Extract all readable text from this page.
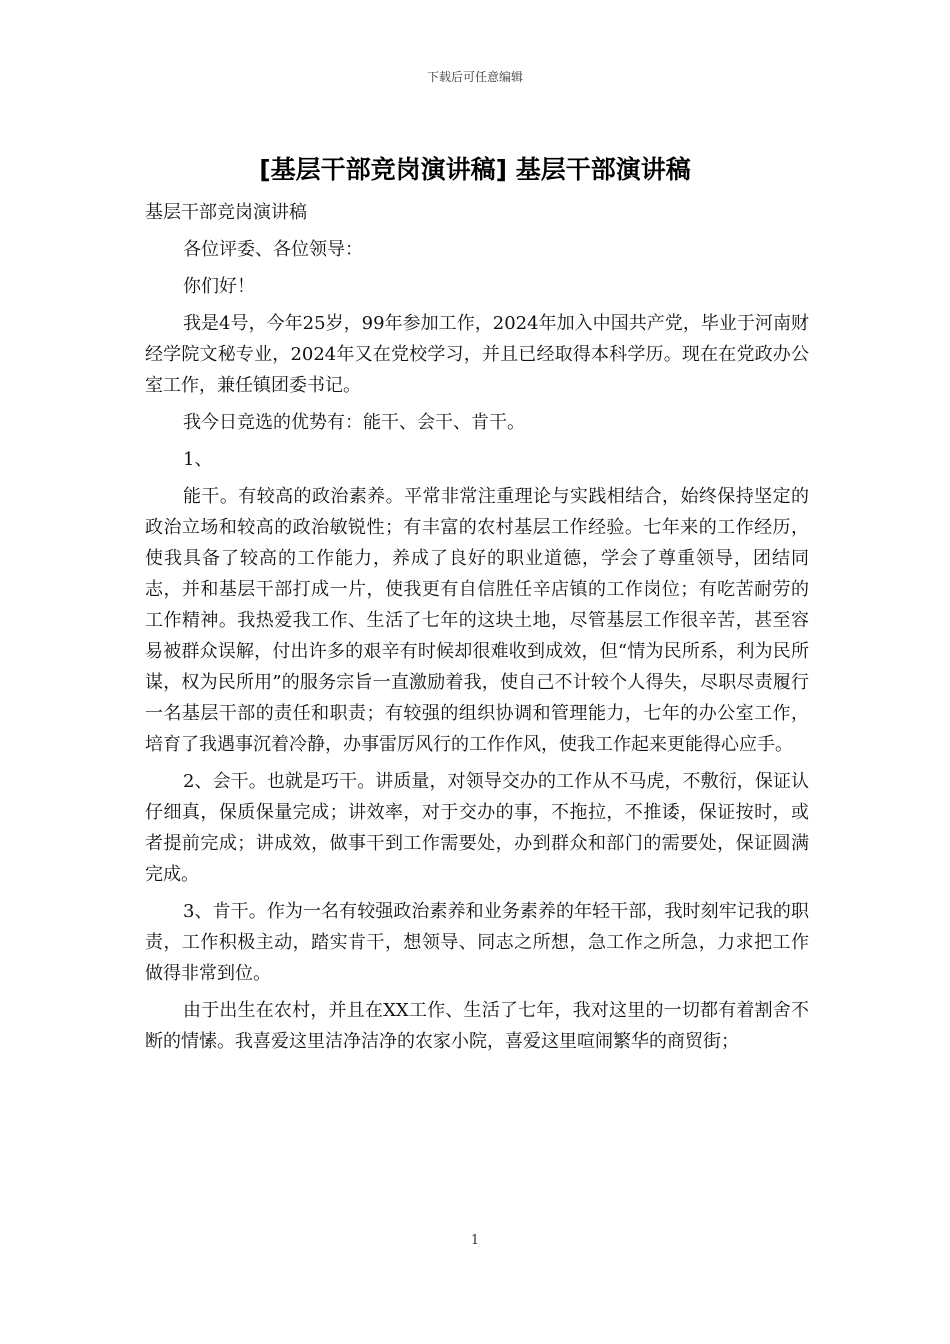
下载后可任意编辑
[基层干部竞岗演讲稿] 基层干部演讲稿

基层干部竞岗演讲稿

各位评委、各位领导：

你们好！

我是4号，今年25岁，99年参加工作，2024年加入中国共产党，毕业于河南财经学院文秘专业，2024年又在党校学习，并且已经取得本科学历。现在在党政办公室工作，兼任镇团委书记。

我今日竞选的优势有：能干、会干、肯干。

1、

能干。有较高的政治素养。平常非常注重理论与实践相结合，始终保持坚定的政治立场和较高的政治敏锐性；有丰富的农村基层工作经验。七年来的工作经历，使我具备了较高的工作能力，养成了良好的职业道德，学会了尊重领导，团结同志，并和基层干部打成一片，使我更有自信胜任辛店镇的工作岗位；有吃苦耐劳的工作精神。我热爱我工作、生活了七年的这块土地，尽管基层工作很辛苦，甚至容易被群众误解，付出许多的艰辛有时候却很难收到成效，但“情为民所系，利为民所谋，权为民所用”的服务宗旨一直激励着我，使自己不计较个人得失，尽职尽责履行一名基层干部的责任和职责；有较强的组织协调和管理能力，七年的办公室工作，培育了我遇事沉着冷静，办事雷厉风行的工作作风，使我工作起来更能得心应手。

2、会干。也就是巧干。讲质量，对领导交办的工作从不马虎，不敷衍，保证认仔细真，保质保量完成；讲效率，对于交办的事，不拖拉，不推诿，保证按时，或者提前完成；讲成效，做事干到工作需要处，办到群众和部门的需要处，保证圆满完成。

3、肯干。作为一名有较强政治素养和业务素养的年轻干部，我时刻牢记我的职责，工作积极主动，踏实肯干，想领导、同志之所想，急工作之所急，力求把工作做得非常到位。

由于出生在农村，并且在XX工作、生活了七年，我对这里的一切都有着割舍不断的情愫。我喜爱这里洁净洁净的农家小院，喜爱这里喧闹繁华的商贸街；

1
